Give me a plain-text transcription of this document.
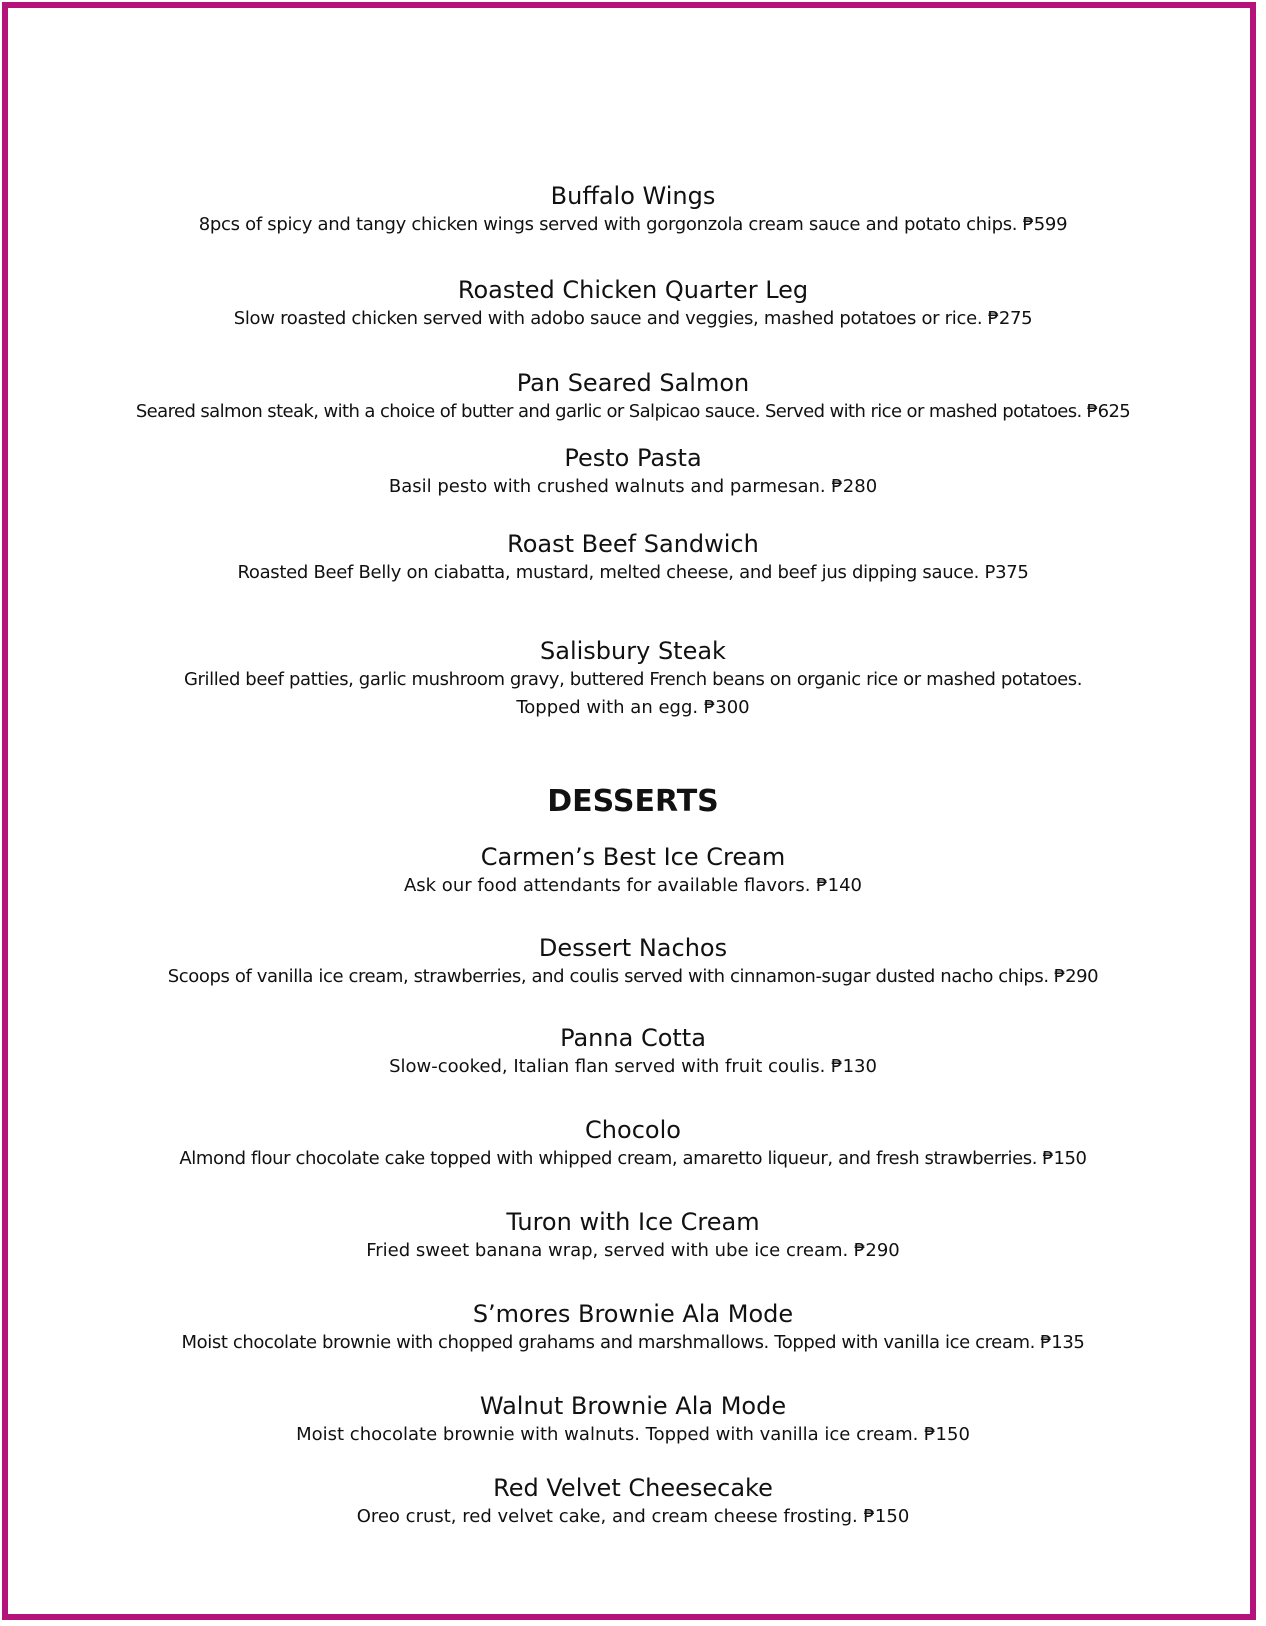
Buffalo Wings
8pcs of spicy and tangy chicken wings served with gorgonzola cream sauce and potato chips. ₱599
Roasted Chicken Quarter Leg
Slow roasted chicken served with adobo sauce and veggies, mashed potatoes or rice. ₱275
Pan Seared Salmon
Seared salmon steak, with a choice of butter and garlic or Salpicao sauce. Served with rice or mashed potatoes. ₱625
Pesto Pasta
Basil pesto with crushed walnuts and parmesan. ₱280
Roast Beef Sandwich
Roasted Beef Belly on ciabatta, mustard, melted cheese, and beef jus dipping sauce. P375
Salisbury Steak
Grilled beef patties, garlic mushroom gravy, buttered French beans on organic rice or mashed potatoes.
Topped with an egg. ₱300
DESSERTS
Carmen’s Best Ice Cream
Ask our food attendants for available flavors. ₱140
Dessert Nachos
Scoops of vanilla ice cream, strawberries, and coulis served with cinnamon-sugar dusted nacho chips. ₱290
Panna Cotta
Slow-cooked, Italian flan served with fruit coulis. ₱130
Chocolo
Almond flour chocolate cake topped with whipped cream, amaretto liqueur, and fresh strawberries. ₱150
Turon with Ice Cream
Fried sweet banana wrap, served with ube ice cream. ₱290
S’mores Brownie Ala Mode
Moist chocolate brownie with chopped grahams and marshmallows. Topped with vanilla ice cream. ₱135
Walnut Brownie Ala Mode
Moist chocolate brownie with walnuts. Topped with vanilla ice cream. ₱150
Red Velvet Cheesecake
Oreo crust, red velvet cake, and cream cheese frosting. ₱150
